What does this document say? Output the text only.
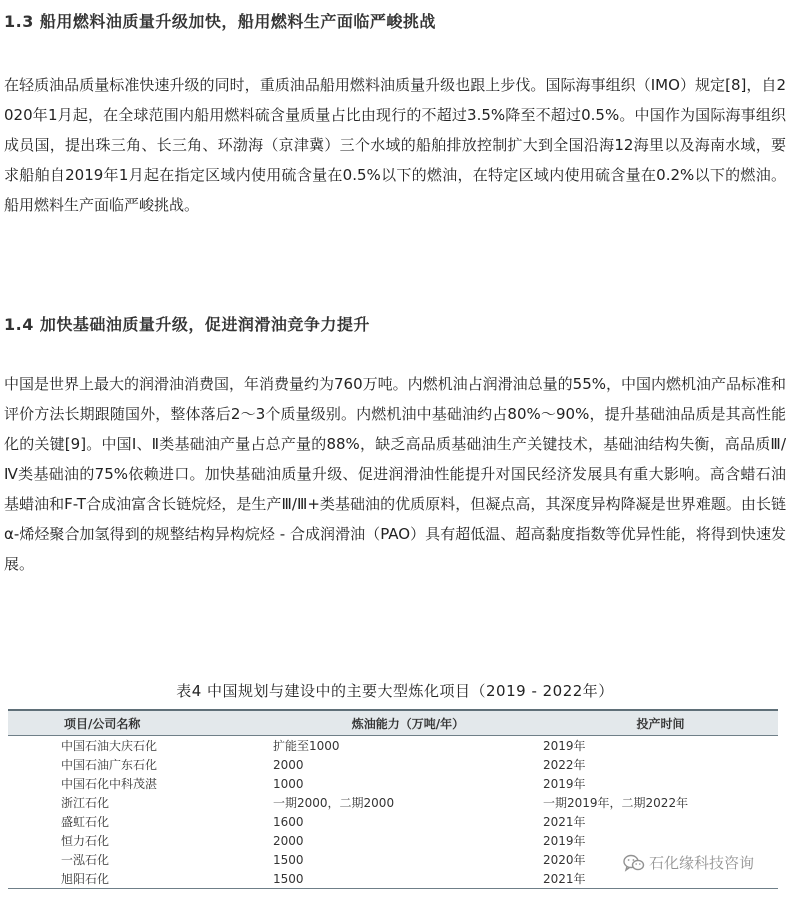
1.3 船用燃料油质量升级加快，船用燃料生产面临严峻挑战

在轻质油品质量标准快速升级的同时，重质油品船用燃料油质量升级也跟上步伐。国际海事组织（IMO）规定[8]，自2020年1月起，在全球范围内船用燃料硫含量质量占比由现行的不超过3.5%降至不超过0.5%。中国作为国际海事组织成员国，提出珠三角、长三角、环渤海（京津冀）三个水域的船舶排放控制扩大到全国沿海12海里以及海南水域，要求船舶自2019年1月起在指定区域内使用硫含量在0.5%以下的燃油，在特定区域内使用硫含量在0.2%以下的燃油。船用燃料生产面临严峻挑战。

1.4 加快基础油质量升级，促进润滑油竞争力提升

中国是世界上最大的润滑油消费国，年消费量约为760万吨。内燃机油占润滑油总量的55%，中国内燃机油产品标准和评价方法长期跟随国外，整体落后2～3个质量级别。内燃机油中基础油约占80%～90%，提升基础油品质是其高性能化的关键[9]。中国Ⅰ、Ⅱ类基础油产量占总产量的88%，缺乏高品质基础油生产关键技术，基础油结构失衡，高品质Ⅲ/Ⅳ类基础油的75%依赖进口。加快基础油质量升级、促进润滑油性能提升对国民经济发展具有重大影响。高含蜡石油基蜡油和F-T合成油富含长链烷烃，是生产Ⅲ/Ⅲ+类基础油的优质原料，但凝点高，其深度异构降凝是世界难题。由长链α-烯烃聚合加氢得到的规整结构异构烷烃 - 合成润滑油（PAO）具有超低温、超高黏度指数等优异性能，将得到快速发展。

表4 中国规划与建设中的主要大型炼化项目（2019 - 2022年）

项目/公司名称	炼油能力（万吨/年）	投产时间
中国石油大庆石化	扩能至1000	2019年
中国石油广东石化	2000	2022年
中国石化中科茂湛	1000	2019年
浙江石化	一期2000，二期2000	一期2019年，二期2022年
盛虹石化	1600	2021年
恒力石化	2000	2019年
一泓石化	1500	2020年
旭阳石化	1500	2021年
石化缘科技咨询
